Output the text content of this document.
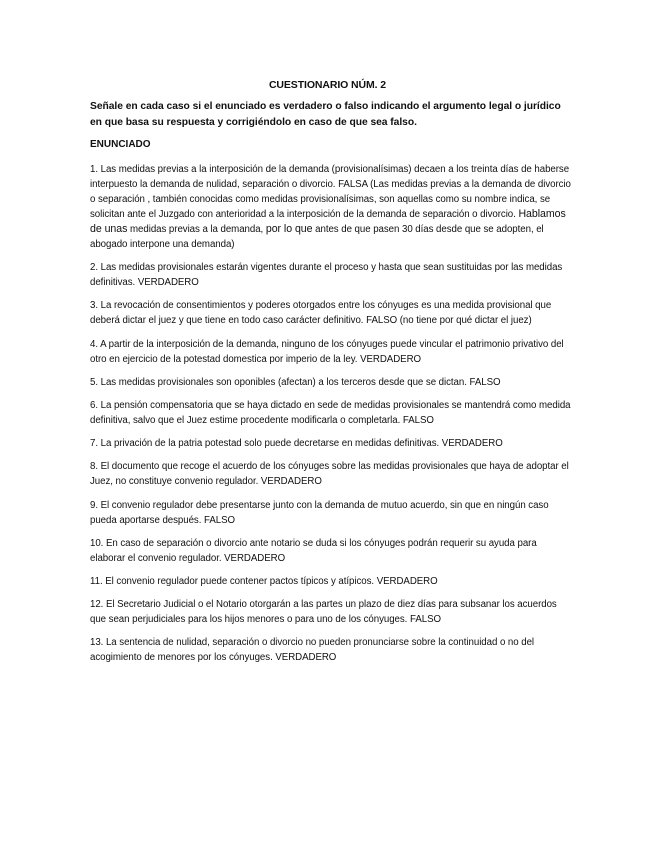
CUESTIONARIO NÚM. 2
Señale en cada caso si el enunciado es verdadero o falso indicando el argumento legal o jurídico en que basa su respuesta y corrigiéndolo en caso de que sea falso.
ENUNCIADO

1. Las medidas previas a la interposición de la demanda (provisionalísimas) decaen a los treinta días de haberse interpuesto la demanda de nulidad, separación o divorcio. FALSA (Las medidas previas a la demanda de divorcio o separación , también conocidas como medidas provisionalísimas, son aquellas como su nombre indica, se solicitan ante el Juzgado con anterioridad a la interposición de la demanda de separación o divorcio. Hablamos de unas medidas previas a la demanda, por lo que antes de que pasen 30 días desde que se adopten, el abogado interpone una demanda)

2. Las medidas provisionales estarán vigentes durante el proceso y hasta que sean sustituidas por las medidas definitivas. VERDADERO

3. La revocación de consentimientos y poderes otorgados entre los cónyuges es una medida provisional que deberá dictar el juez y que tiene en todo caso carácter definitivo. FALSO (no tiene por qué dictar el juez)

4. A partir de la interposición de la demanda, ninguno de los cónyuges puede vincular el patrimonio privativo del otro en ejercicio de la potestad domestica por imperio de la ley. VERDADERO

5. Las medidas provisionales son oponibles (afectan) a los terceros desde que se dictan. FALSO

6. La pensión compensatoria que se haya dictado en sede de medidas provisionales se mantendrá como medida definitiva, salvo que el Juez estime procedente modificarla o completarla. FALSO

7. La privación de la patria potestad solo puede decretarse en medidas definitivas. VERDADERO

8. El documento que recoge el acuerdo de los cónyuges sobre las medidas provisionales que haya de adoptar el Juez, no constituye convenio regulador. VERDADERO

9. El convenio regulador debe presentarse junto con la demanda de mutuo acuerdo, sin que en ningún caso pueda aportarse después. FALSO

10. En caso de separación o divorcio ante notario se duda si los cónyuges podrán requerir su ayuda para elaborar el convenio regulador. VERDADERO

11. El convenio regulador puede contener pactos típicos y atípicos. VERDADERO

12. El Secretario Judicial o el Notario otorgarán a las partes un plazo de diez días para subsanar los acuerdos que sean perjudiciales para los hijos menores o para uno de los cónyuges. FALSO

13. La sentencia de nulidad, separación o divorcio no pueden pronunciarse sobre la continuidad o no del acogimiento de menores por los cónyuges. VERDADERO
